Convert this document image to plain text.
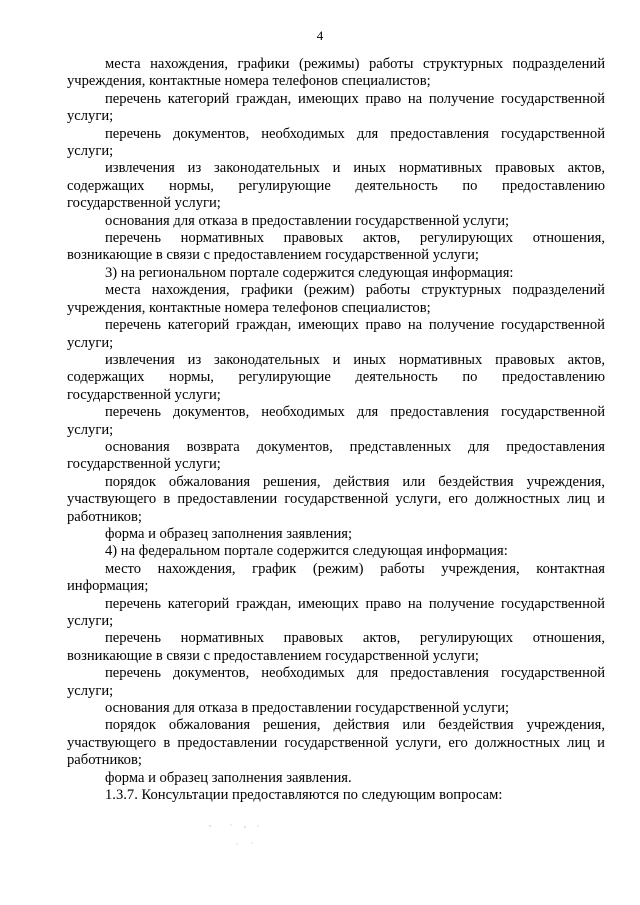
4

места нахождения, графики (режимы) работы структурных подразделений учреждения, контактные номера телефонов специалистов;

перечень категорий граждан, имеющих право на получение государственной услуги;

перечень документов, необходимых для предоставления государственной услуги;

извлечения из законодательных и иных нормативных правовых актов, содержащих нормы, регулирующие деятельность по предоставлению государственной услуги;

основания для отказа в предоставлении государственной услуги;

перечень нормативных правовых актов, регулирующих отношения, возникающие в связи с предоставлением государственной услуги;

3) на региональном портале содержится следующая информация:

места нахождения, графики (режим) работы структурных подразделений учреждения, контактные номера телефонов специалистов;

перечень категорий граждан, имеющих право на получение государственной услуги;

извлечения из законодательных и иных нормативных правовых актов, содержащих нормы, регулирующие деятельность по предоставлению государственной услуги;

перечень документов, необходимых для предоставления государственной услуги;

основания возврата документов, представленных для предоставления государственной услуги;

порядок обжалования решения, действия или бездействия учреждения, участвующего в предоставлении государственной услуги, его должностных лиц и работников;

форма и образец заполнения заявления;

4) на федеральном портале содержится следующая информация:

место нахождения, график (режим) работы учреждения, контактная информация;

перечень категорий граждан, имеющих право на получение государственной услуги;

перечень нормативных правовых актов, регулирующих отношения, возникающие в связи с предоставлением государственной услуги;

перечень документов, необходимых для предоставления государственной услуги;

основания для отказа в предоставлении государственной услуги;

порядок обжалования решения, действия или бездействия учреждения, участвующего в предоставлении государственной услуги, его должностных лиц и работников;

форма и образец заполнения заявления.

1.3.7. Консультации предоставляются по следующим вопросам:
